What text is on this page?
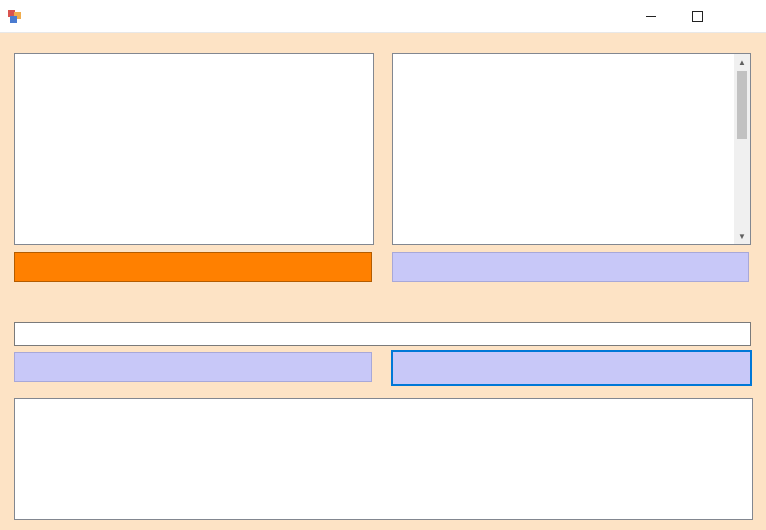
▲
▼
